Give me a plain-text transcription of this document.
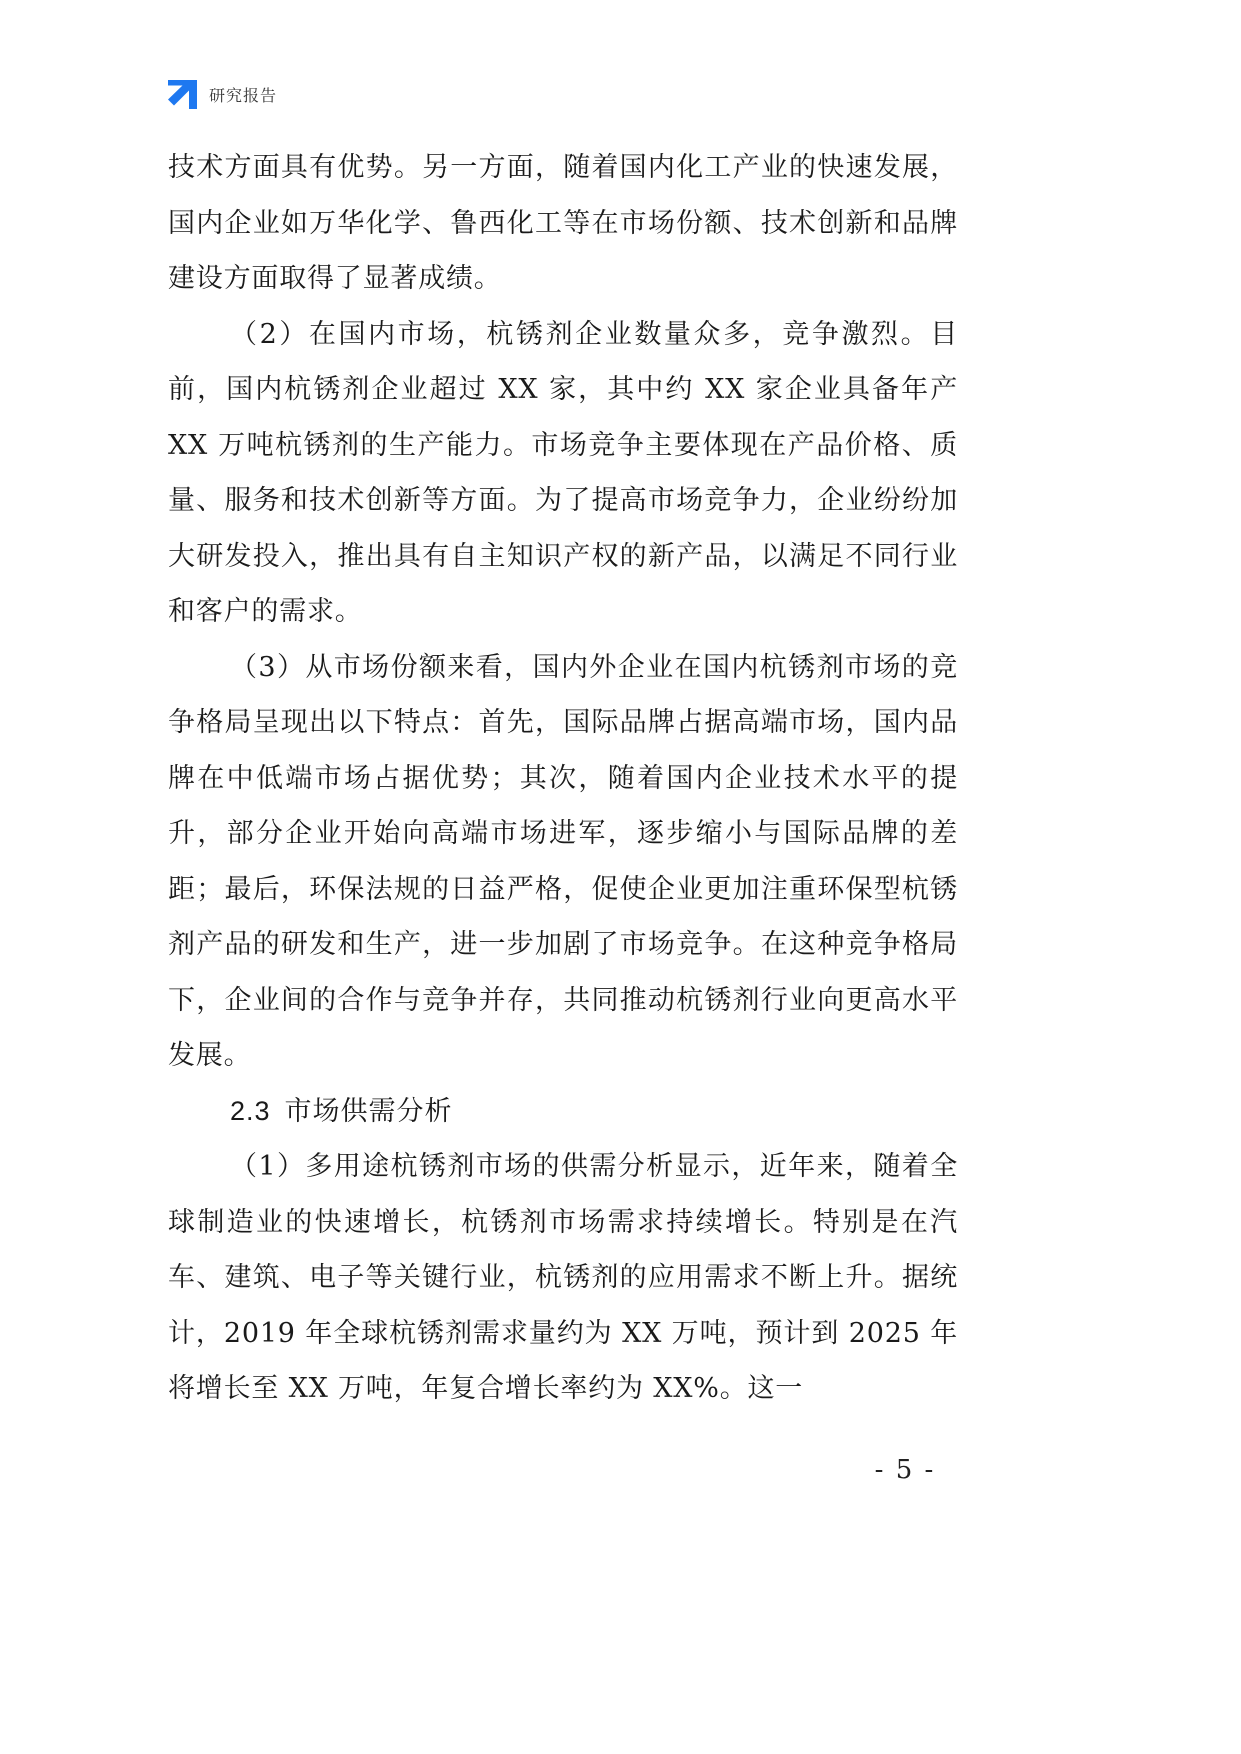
研究报告

技术方面具有优势。另一方面，随着国内化工产业的快速发展，国内企业如万华化学、鲁西化工等在市场份额、技术创新和品牌建设方面取得了显著成绩。

（2）在国内市场，杭锈剂企业数量众多，竞争激烈。目前，国内杭锈剂企业超过 XX 家，其中约 XX 家企业具备年产 XX 万吨杭锈剂的生产能力。市场竞争主要体现在产品价格、质量、服务和技术创新等方面。为了提高市场竞争力，企业纷纷加大研发投入，推出具有自主知识产权的新产品，以满足不同行业和客户的需求。

（3）从市场份额来看，国内外企业在国内杭锈剂市场的竞争格局呈现出以下特点：首先，国际品牌占据高端市场，国内品牌在中低端市场占据优势；其次，随着国内企业技术水平的提升，部分企业开始向高端市场进军，逐步缩小与国际品牌的差距；最后，环保法规的日益严格，促使企业更加注重环保型杭锈剂产品的研发和生产，进一步加剧了市场竞争。在这种竞争格局下，企业间的合作与竞争并存，共同推动杭锈剂行业向更高水平发展。

2.3 市场供需分析

（1）多用途杭锈剂市场的供需分析显示，近年来，随着全球制造业的快速增长，杭锈剂市场需求持续增长。特别是在汽车、建筑、电子等关键行业，杭锈剂的应用需求不断上升。据统计，2019 年全球杭锈剂需求量约为 XX 万吨，预计到 2025 年将增长至 XX 万吨，年复合增长率约为 XX%。这一

- 5 -
